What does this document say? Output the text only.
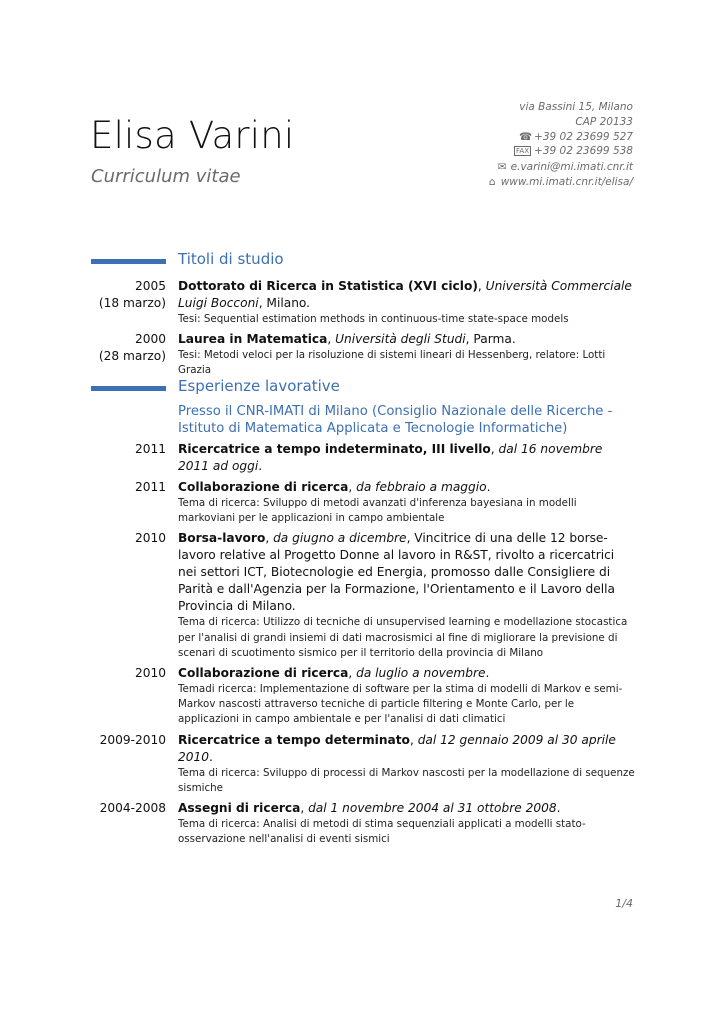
Elisa Varini
Curriculum vitae
via Bassini 15, Milano
CAP 20133
☎ +39 02 23699 527
FAX +39 02 23699 538
✉ e.varini@mi.imati.cnr.it
⌂ www.mi.imati.cnr.it/elisa/
Titoli di studio
2005
(18 marzo)
Dottorato di Ricerca in Statistica (XVI ciclo), Università Commerciale Luigi Bocconi, Milano.
Tesi: Sequential estimation methods in continuous-time state-space models
2000
(28 marzo)
Laurea in Matematica, Università degli Studi, Parma.
Tesi: Metodi veloci per la risoluzione di sistemi lineari di Hessenberg, relatore: Lotti Grazia
Esperienze lavorative
Presso il CNR-IMATI di Milano (Consiglio Nazionale delle Ricerche - Istituto di Matematica Applicata e Tecnologie Informatiche)
2011 Ricercatrice a tempo indeterminato, III livello, dal 16 novembre 2011 ad oggi.
2011 Collaborazione di ricerca, da febbraio a maggio.
Tema di ricerca: Sviluppo di metodi avanzati d'inferenza bayesiana in modelli markoviani per le applicazioni in campo ambientale
2010 Borsa-lavoro, da giugno a dicembre, Vincitrice di una delle 12 borse-lavoro relative al Progetto Donne al lavoro in R&ST, rivolto a ricercatrici nei settori ICT, Biotecnologie ed Energia, promosso dalle Consigliere di Parità e dall'Agenzia per la Formazione, l'Orientamento e il Lavoro della Provincia di Milano.
Tema di ricerca: Utilizzo di tecniche di unsupervised learning e modellazione stocastica per l'analisi di grandi insiemi di dati macrosismici al fine di migliorare la previsione di scenari di scuotimento sismico per il territorio della provincia di Milano
2010 Collaborazione di ricerca, da luglio a novembre.
Temadi ricerca: Implementazione di software per la stima di modelli di Markov e semi-Markov nascosti attraverso tecniche di particle filtering e Monte Carlo, per le applicazioni in campo ambientale e per l'analisi di dati climatici
2009-2010 Ricercatrice a tempo determinato, dal 12 gennaio 2009 al 30 aprile 2010.
Tema di ricerca: Sviluppo di processi di Markov nascosti per la modellazione di sequenze sismiche
2004-2008 Assegni di ricerca, dal 1 novembre 2004 al 31 ottobre 2008.
Tema di ricerca: Analisi di metodi di stima sequenziali applicati a modelli stato-osservazione nell'analisi di eventi sismici
1/4
